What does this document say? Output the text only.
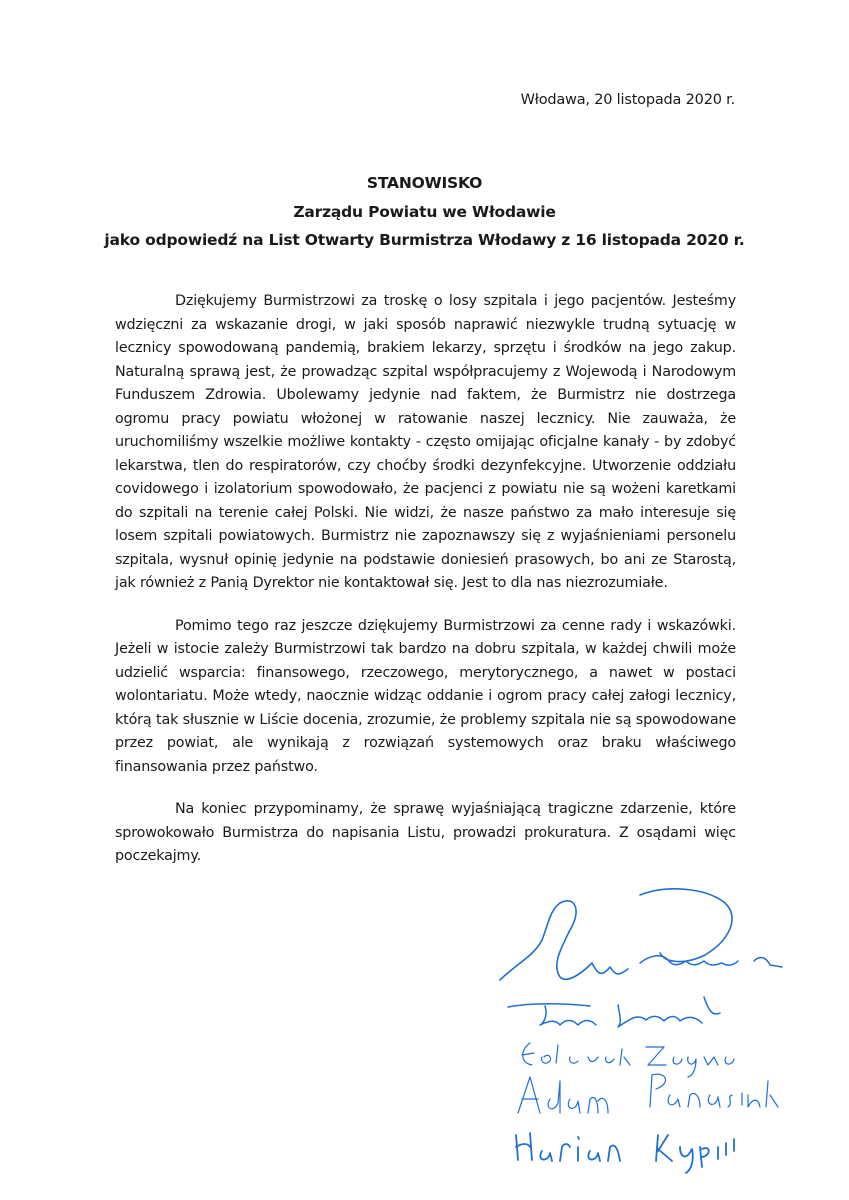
Włodawa, 20 listopada 2020 r.
STANOWISKO
Zarządu Powiatu we Włodawie
jako odpowiedź na List Otwarty Burmistrza Włodawy z 16 listopada 2020 r.

Dziękujemy Burmistrzowi za troskę o losy szpitala i jego pacjentów. Jesteśmy wdzięczni za wskazanie drogi, w jaki sposób naprawić niezwykle trudną sytuację w lecznicy spowodowaną pandemią, brakiem lekarzy, sprzętu i środków na jego zakup. Naturalną sprawą jest, że prowadząc szpital współpracujemy z Wojewodą i Narodowym Funduszem Zdrowia. Ubolewamy jedynie nad faktem, że Burmistrz nie dostrzega ogromu pracy powiatu włożonej w ratowanie naszej lecznicy. Nie zauważa, że uruchomiliśmy wszelkie możliwe kontakty - często omijając oficjalne kanały - by zdobyć lekarstwa, tlen do respiratorów, czy choćby środki dezynfekcyjne. Utworzenie oddziału covidowego i izolatorium spowodowało, że pacjenci z powiatu nie są wożeni karetkami do szpitali na terenie całej Polski. Nie widzi, że nasze państwo za mało interesuje się losem szpitali powiatowych. Burmistrz nie zapoznawszy się z wyjaśnieniami personelu szpitala, wysnuł opinię jedynie na podstawie doniesień prasowych, bo ani ze Starostą, jak również z Panią Dyrektor nie kontaktował się. Jest to dla nas niezrozumiałe.

Pomimo tego raz jeszcze dziękujemy Burmistrzowi za cenne rady i wskazówki. Jeżeli w istocie zależy Burmistrzowi tak bardzo na dobru szpitala, w każdej chwili może udzielić wsparcia: finansowego, rzeczowego, merytorycznego, a nawet w postaci wolontariatu. Może wtedy, naocznie widząc oddanie i ogrom pracy całej załogi lecznicy, którą tak słusznie w Liście docenia, zrozumie, że problemy szpitala nie są spowodowane przez powiat, ale wynikają z rozwiązań systemowych oraz braku właściwego finansowania przez państwo.

Na koniec przypominamy, że sprawę wyjaśniającą tragiczne zdarzenie, które sprowokowało Burmistrza do napisania Listu, prowadzi prokuratura. Z osądami więc poczekajmy.
